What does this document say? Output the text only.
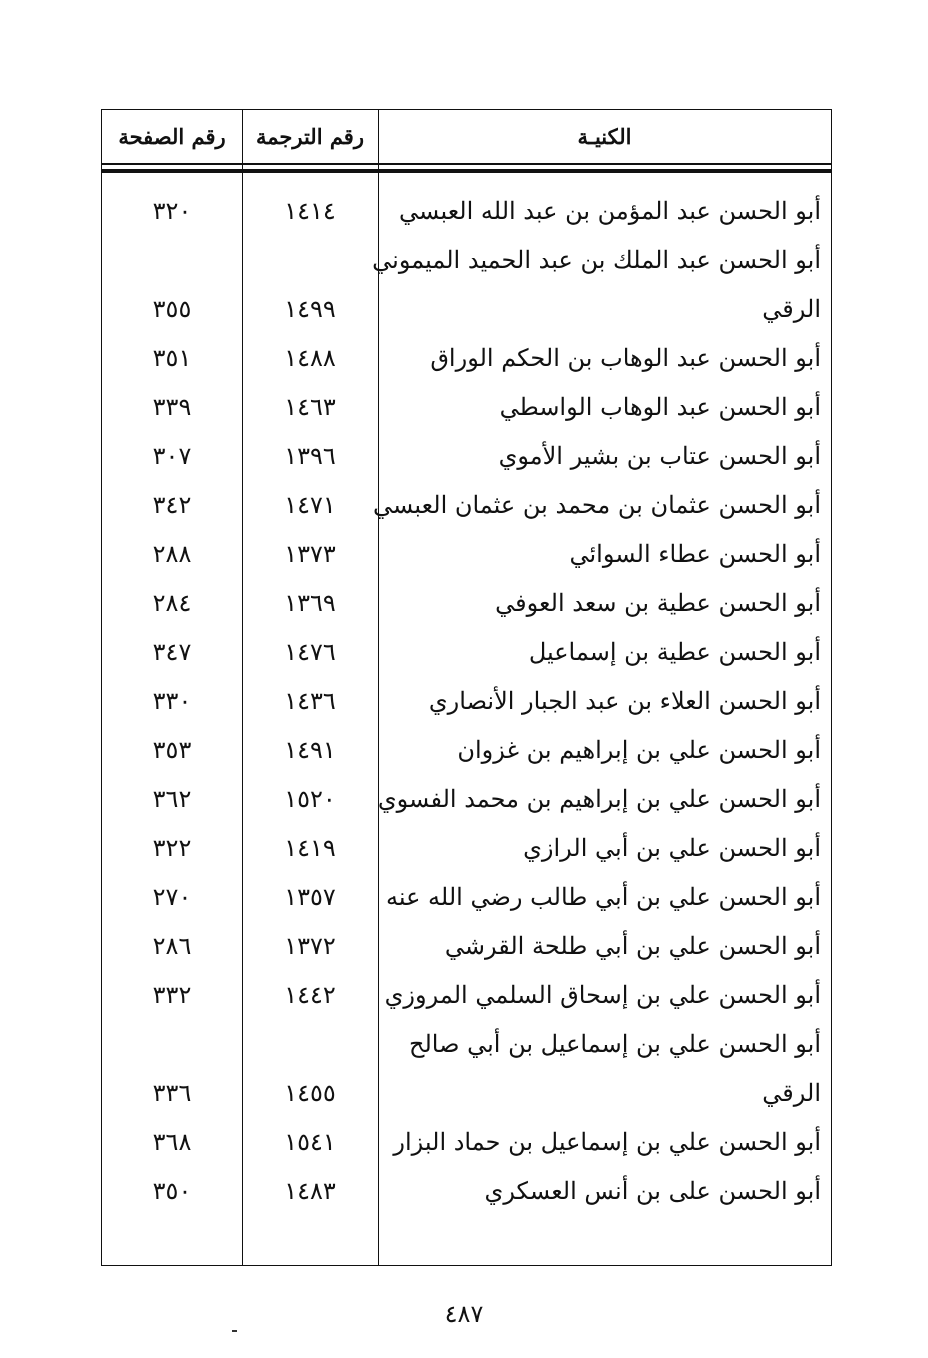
الكنيـة
رقم الترجمة
رقم الصفحة
أبو الحسن عبد المؤمن بن عبد الله العبسي
١٤١٤
٣٢٠
أبو الحسن عبد الملك بن عبد الحميد الميموني
الرقي
١٤٩٩
٣٥٥
أبو الحسن عبد الوهاب بن الحكم الوراق
١٤٨٨
٣٥١
أبو الحسن عبد الوهاب الواسطي
١٤٦٣
٣٣٩
أبو الحسن عتاب بن بشير الأموي
١٣٩٦
٣٠٧
أبو الحسن عثمان بن محمد بن عثمان العبسي
١٤٧١
٣٤٢
أبو الحسن عطاء السوائي
١٣٧٣
٢٨٨
أبو الحسن عطية بن سعد العوفي
١٣٦٩
٢٨٤
أبو الحسن عطية بن إسماعيل
١٤٧٦
٣٤٧
أبو الحسن العلاء بن عبد الجبار الأنصاري
١٤٣٦
٣٣٠
أبو الحسن علي بن إبراهيم بن غزوان
١٤٩١
٣٥٣
أبو الحسن علي بن إبراهيم بن محمد الفسوي
١٥٢٠
٣٦٢
أبو الحسن علي بن أبي الرازي
١٤١٩
٣٢٢
أبو الحسن علي بن أبي طالب رضي الله عنه
١٣٥٧
٢٧٠
أبو الحسن علي بن أبي طلحة القرشي
١٣٧٢
٢٨٦
أبو الحسن علي بن إسحاق السلمي المروزي
١٤٤٢
٣٣٢
أبو الحسن علي بن إسماعيل بن أبي صالح
الرقي
١٤٥٥
٣٣٦
أبو الحسن علي بن إسماعيل بن حماد البزار
١٥٤١
٣٦٨
أبو الحسن على بن أنس العسكري
١٤٨٣
٣٥٠
٤٨٧
